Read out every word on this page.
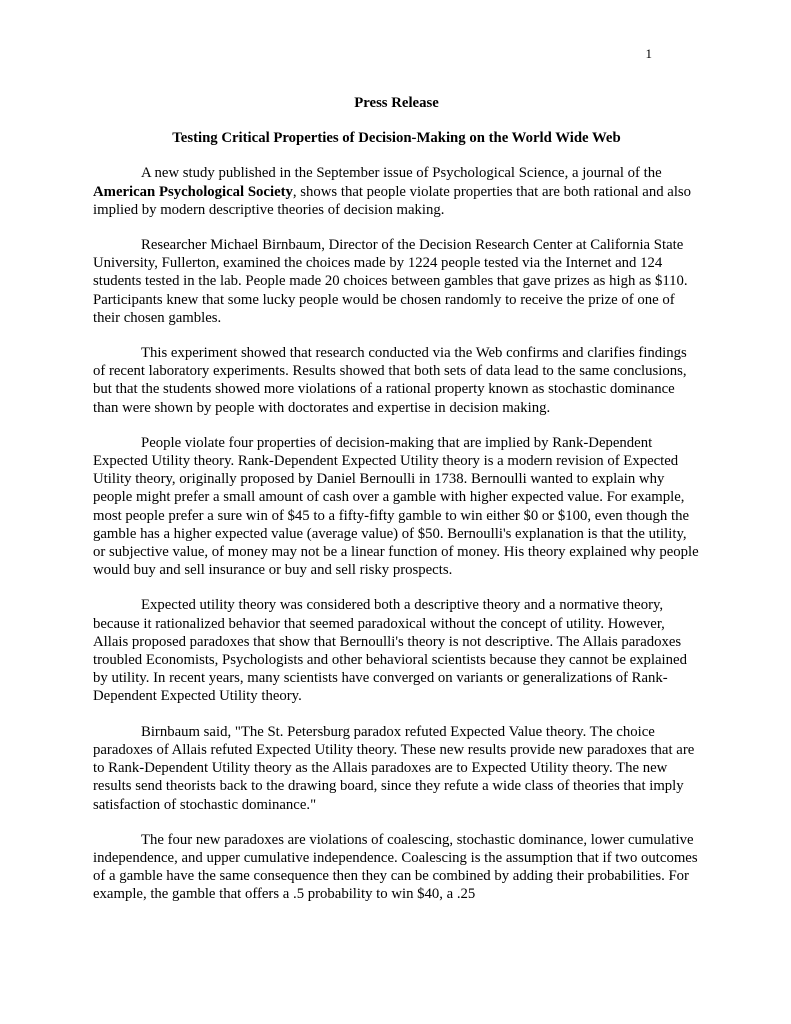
1
Press Release
Testing Critical Properties of Decision-Making on the World Wide Web

A new study published in the September issue of Psychological Science, a journal of the American Psychological Society, shows that people violate properties that are both rational and also implied by modern descriptive theories of decision making.

Researcher Michael Birnbaum, Director of the Decision Research Center at California State University, Fullerton, examined the choices made by 1224 people tested via the Internet and 124 students tested in the lab. People made 20 choices between gambles that gave prizes as high as $110. Participants knew that some lucky people would be chosen randomly to receive the prize of one of their chosen gambles.

This experiment showed that research conducted via the Web confirms and clarifies findings of recent laboratory experiments. Results showed that both sets of data lead to the same conclusions, but that the students showed more violations of a rational property known as stochastic dominance than were shown by people with doctorates and expertise in decision making.

People violate four properties of decision-making that are implied by Rank-Dependent Expected Utility theory. Rank-Dependent Expected Utility theory is a modern revision of Expected Utility theory, originally proposed by Daniel Bernoulli in 1738. Bernoulli wanted to explain why people might prefer a small amount of cash over a gamble with higher expected value. For example, most people prefer a sure win of $45 to a fifty-fifty gamble to win either $0 or $100, even though the gamble has a higher expected value (average value) of $50. Bernoulli's explanation is that the utility, or subjective value, of money may not be a linear function of money. His theory explained why people would buy and sell insurance or buy and sell risky prospects.

Expected utility theory was considered both a descriptive theory and a normative theory, because it rationalized behavior that seemed paradoxical without the concept of utility. However, Allais proposed paradoxes that show that Bernoulli's theory is not descriptive. The Allais paradoxes troubled Economists, Psychologists and other behavioral scientists because they cannot be explained by utility. In recent years, many scientists have converged on variants or generalizations of Rank-Dependent Expected Utility theory.

Birnbaum said, "The St. Petersburg paradox refuted Expected Value theory. The choice paradoxes of Allais refuted Expected Utility theory. These new results provide new paradoxes that are to Rank-Dependent Utility theory as the Allais paradoxes are to Expected Utility theory. The new results send theorists back to the drawing board, since they refute a wide class of theories that imply satisfaction of stochastic dominance."

The four new paradoxes are violations of coalescing, stochastic dominance, lower cumulative independence, and upper cumulative independence. Coalescing is the assumption that if two outcomes of a gamble have the same consequence then they can be combined by adding their probabilities. For example, the gamble that offers a .5 probability to win $40, a .25
